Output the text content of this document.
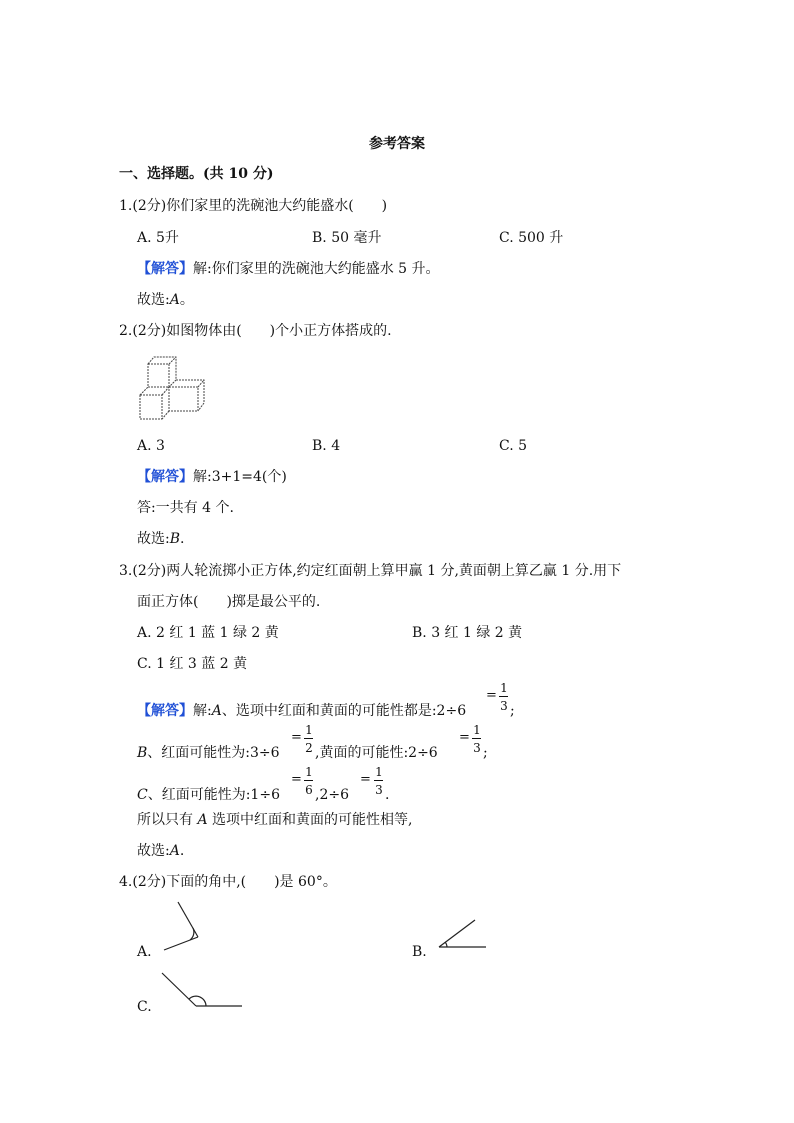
参考答案
一、选择题。(共 10 分)
1.(2分)你们家里的洗碗池大约能盛水(　　)
A. 5升	B. 50 毫升	C. 500 升
【解答】解:你们家里的洗碗池大约能盛水 5 升。
故选:A。
2.(2分)如图物体由(　　)个小正方体搭成的.
A. 3	B. 4	C. 5
【解答】解:3+1=4(个)
答:一共有 4 个.
故选:B.
3.(2分)两人轮流掷小正方体,约定红面朝上算甲赢 1 分,黄面朝上算乙赢 1 分.用下
面正方体(　　)掷是最公平的.
A. 2 红 1 蓝 1 绿 2 黄	B. 3 红 1 绿 2 黄
C. 1 红 3 蓝 2 黄
【解答】解:A、选项中红面和黄面的可能性都是:2÷6
= 1
3 ;
B、红面可能性为:3÷6
= 1
2 ,黄面的可能性:2÷6
= 1
3 ;
C、红面可能性为:1÷6
= 1
6 ,2÷6
= 1
3 .
所以只有 A 选项中红面和黄面的可能性相等,
故选:A.
4.(2分)下面的角中,(　　)是 60°。
A.	B.
C.
